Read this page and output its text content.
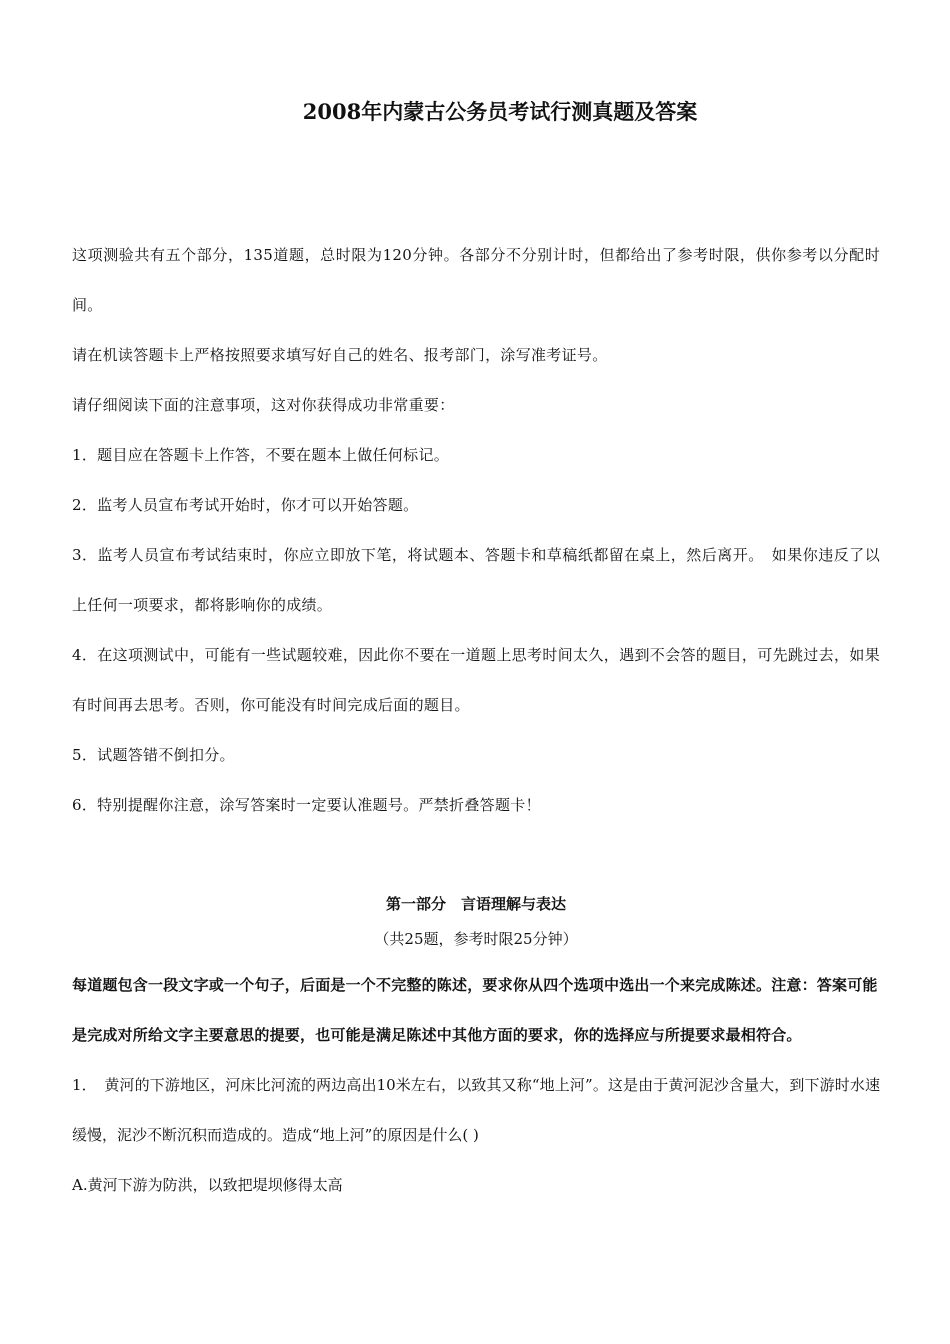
2008年内蒙古公务员考试行测真题及答案

这项测验共有五个部分，135道题，总时限为120分钟。各部分不分别计时，但都给出了参考时限，供你参考以分配时间。

请在机读答题卡上严格按照要求填写好自己的姓名、报考部门，涂写准考证号。

请仔细阅读下面的注意事项，这对你获得成功非常重要：

1．题目应在答题卡上作答，不要在题本上做任何标记。

2．监考人员宣布考试开始时，你才可以开始答题。

3．监考人员宣布考试结束时，你应立即放下笔，将试题本、答题卡和草稿纸都留在桌上，然后离开。　如果你违反了以上任何一项要求，都将影响你的成绩。

4．在这项测试中，可能有一些试题较难，因此你不要在一道题上思考时间太久，遇到不会答的题目，可先跳过去，如果有时间再去思考。否则，你可能没有时间完成后面的题目。

5．试题答错不倒扣分。

6．特别提醒你注意，涂写答案时一定要认准题号。严禁折叠答题卡！

第一部分　言语理解与表达
（共25题，参考时限25分钟）

每道题包含一段文字或一个句子，后面是一个不完整的陈述，要求你从四个选项中选出一个来完成陈述。注意：答案可能是完成对所给文字主要意思的提要，也可能是满足陈述中其他方面的要求，你的选择应与所提要求最相符合。

1．　黄河的下游地区，河床比河流的两边高出10米左右，以致其又称“地上河”。这是由于黄河泥沙含量大，到下游时水速缓慢，泥沙不断沉积而造成的。造成“地上河”的原因是什么( )

A.黄河下游为防洪，以致把堤坝修得太高
